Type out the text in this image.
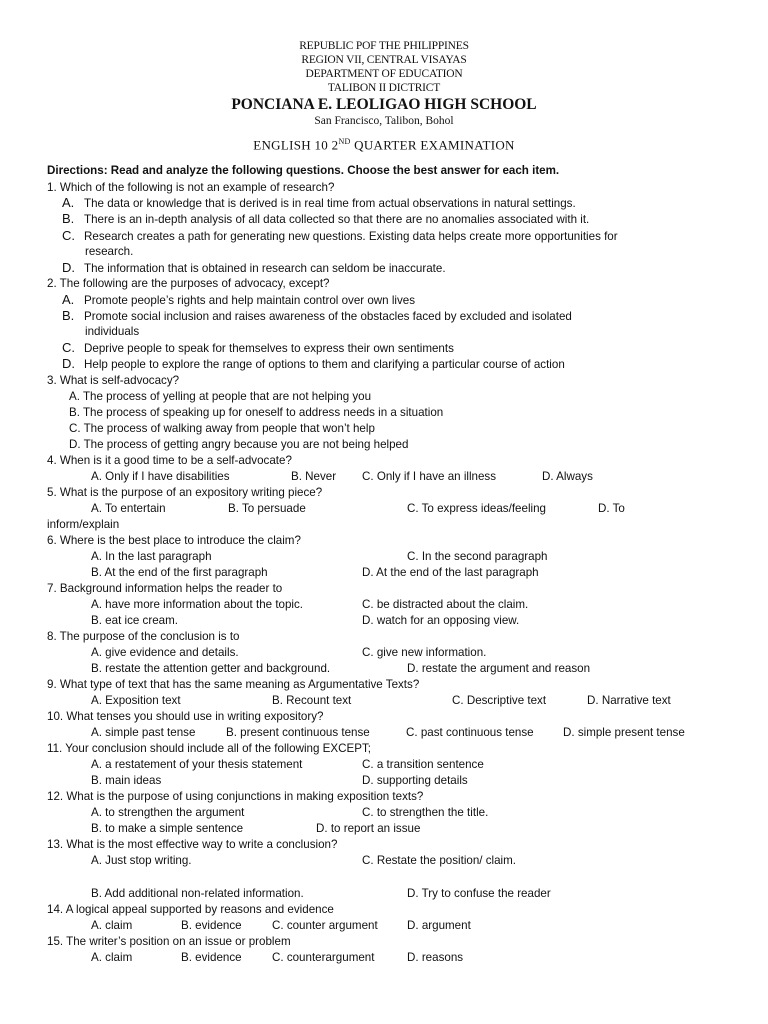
REPUBLIC POF THE PHILIPPINES
REGION VII, CENTRAL VISAYAS
DEPARTMENT OF EDUCATION
TALIBON II DICTRICT
PONCIANA E. LEOLIGAO HIGH SCHOOL
San Francisco, Talibon, Bohol
ENGLISH 10 2ND QUARTER EXAMINATION
Directions: Read and analyze the following questions. Choose the best answer for each item.
1. Which of the following is not an example of research?
A. The data or knowledge that is derived is in real time from actual observations in natural settings.
B. There is an in-depth analysis of all data collected so that there are no anomalies associated with it.
C. Research creates a path for generating new questions. Existing data helps create more opportunities for
research.
D. The information that is obtained in research can seldom be inaccurate.
2. The following are the purposes of advocacy, except?
A. Promote people’s rights and help maintain control over own lives
B. Promote social inclusion and raises awareness of the obstacles faced by excluded and isolated
individuals
C. Deprive people to speak for themselves to express their own sentiments
D. Help people to explore the range of options to them and clarifying a particular course of action
3. What is self-advocacy?
A. The process of yelling at people that are not helping you
B. The process of speaking up for oneself to address needs in a situation
C. The process of walking away from people that won’t help
D. The process of getting angry because you are not being helped
4. When is it a good time to be a self-advocate?
A. Only if I have disabilities	B. Never C. Only if I have an illness	D. Always
5. What is the purpose of an expository writing piece?
A. To entertain	B. To persuade	C. To express ideas/feeling	D. To
inform/explain
6. Where is the best place to introduce the claim?
A. In the last paragraph	C. In the second paragraph
B. At the end of the first paragraph	D. At the end of the last paragraph
7. Background information helps the reader to
A. have more information about the topic.	C. be distracted about the claim.
B. eat ice cream.	D. watch for an opposing view.
8. The purpose of the conclusion is to
A. give evidence and details.	C. give new information.
B. restate the attention getter and background.	D. restate the argument and reason
9. What type of text that has the same meaning as Argumentative Texts?
A. Exposition text	B. Recount text	C. Descriptive text	D. Narrative text
10. What tenses you should use in writing expository?
A. simple past tense	B. present continuous tense	C. past continuous tense	D. simple present tense
11. Your conclusion should include all of the following EXCEPT;
A. a restatement of your thesis statement	C. a transition sentence
B. main ideas	D. supporting details
12. What is the purpose of using conjunctions in making exposition texts?
A. to strengthen the argument	C. to strengthen the title.
B. to make a simple sentence	D. to report an issue
13. What is the most effective way to write a conclusion?
A. Just stop writing.	C. Restate the position/ claim.
B. Add additional non-related information.	D. Try to confuse the reader
14. A logical appeal supported by reasons and evidence
A. claim	B. evidence	C. counter argument	D. argument
15. The writer’s position on an issue or problem
A. claim	B. evidence	C. counterargument	D. reasons
